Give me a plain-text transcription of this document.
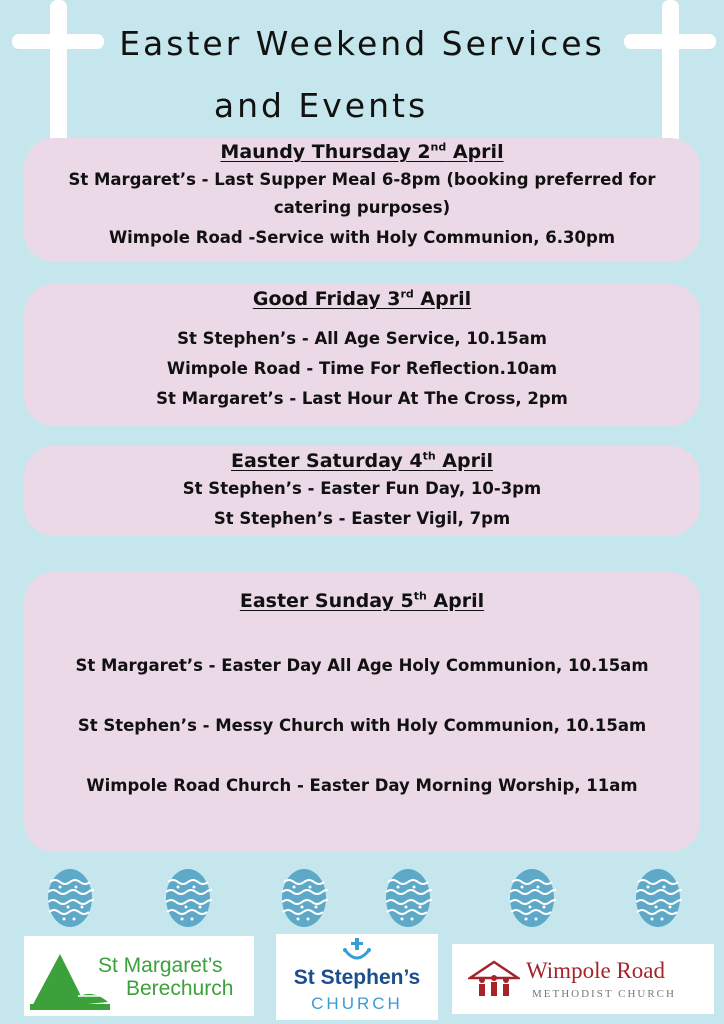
Easter Weekend Services
and Events
Maundy Thursday 2nd April
St Margaret’s - Last Supper Meal 6-8pm (booking preferred for
catering purposes)
Wimpole Road -Service with Holy Communion, 6.30pm
Good Friday 3rd April
St Stephen’s - All Age Service, 10.15am
Wimpole Road - Time For Reflection.10am
St Margaret’s - Last Hour At The Cross, 2pm
Easter Saturday 4th April
St Stephen’s - Easter Fun Day, 10-3pm
St Stephen’s - Easter Vigil, 7pm
Easter Sunday 5th April
St Margaret’s - Easter Day All Age Holy Communion, 10.15am
St Stephen’s - Messy Church with Holy Communion, 10.15am
Wimpole Road Church - Easter Day Morning Worship, 11am
St Margaret’s
Berechurch	St Stephen’s
CHURCH
Wimpole Road
METHODIST CHURCH
